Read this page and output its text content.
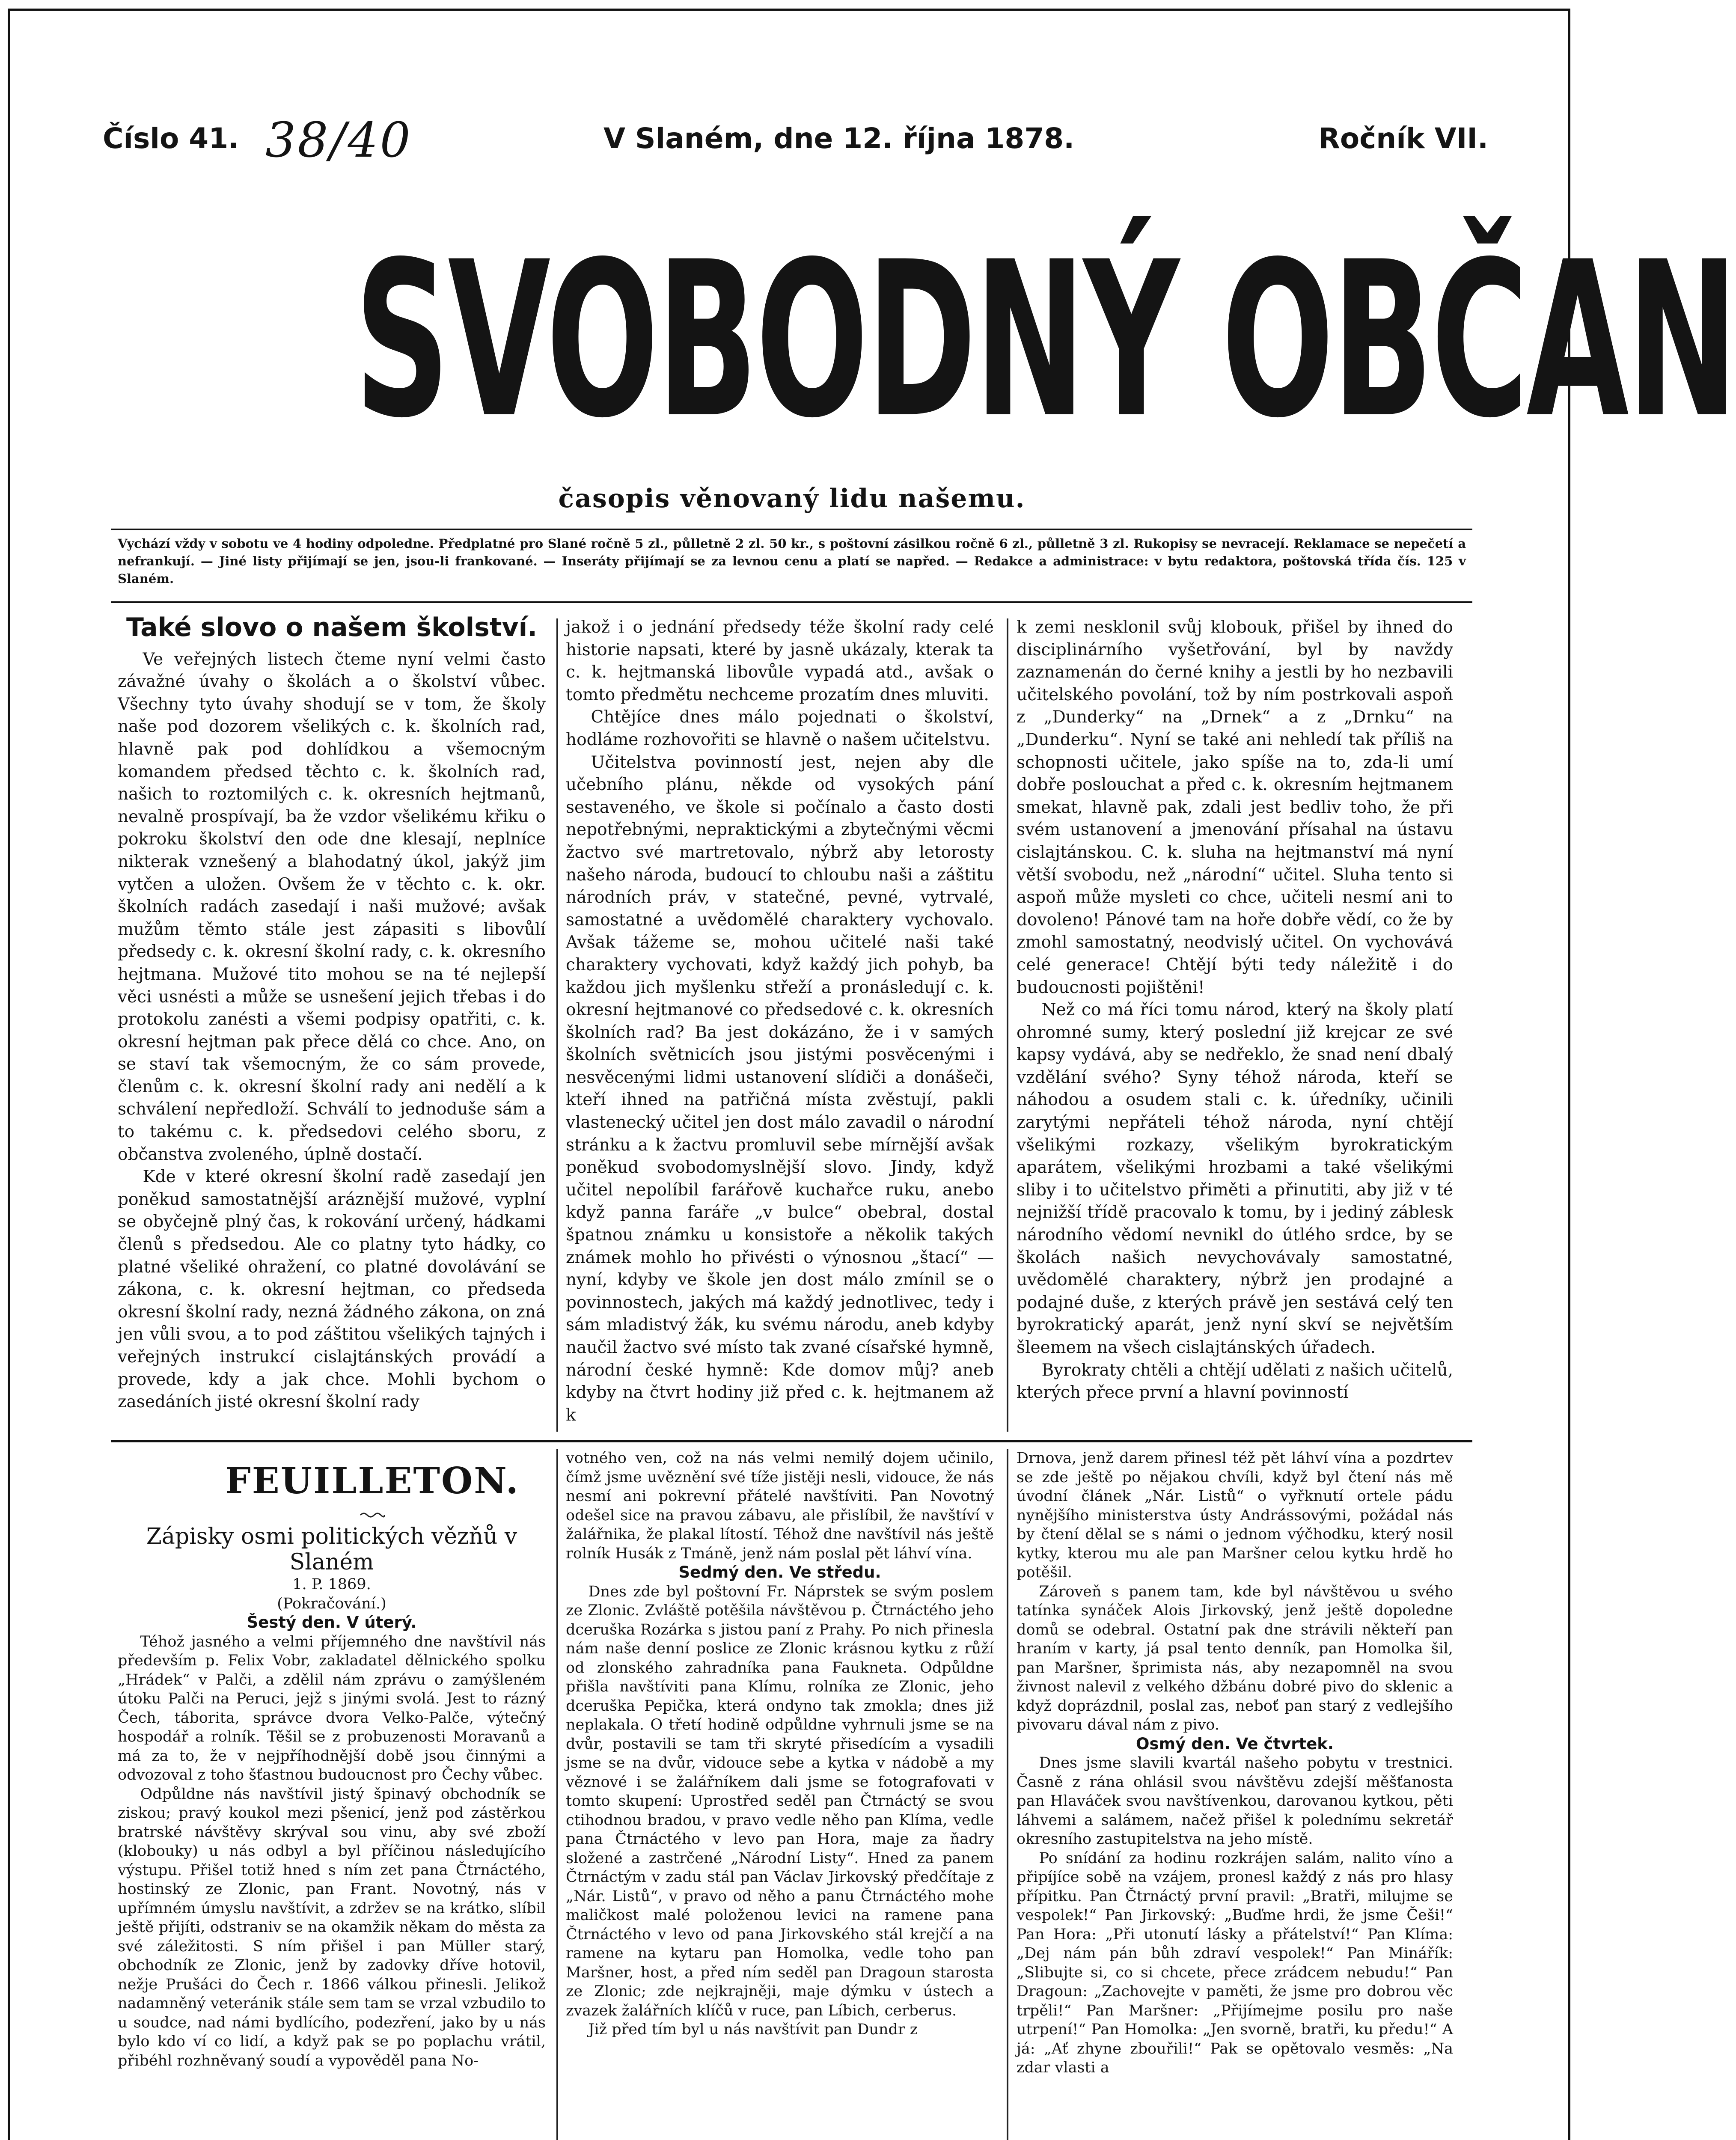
Číslo 41. 38/40	V Slaném, dne 12. října 1878.	Ročník VII.
SVOBODNÝ OBČAN
časopis věnovaný lidu našemu.
Vychází vždy v sobotu ve 4 hodiny odpoledne. Předplatné pro Slané ročně 5 zl., půlletně 2 zl. 50 kr., s poštovní zásilkou ročně 6 zl., půlletně 3 zl. Rukopisy se nevracejí. Reklamace se nepečetí a nefrankují. — Jiné listy přijímají se jen, jsou-li frankované. — Inseráty přijímají se za levnou cenu a platí se napřed. — Redakce a administrace: v bytu redaktora, poštovská třída čís. 125 v Slaném.
Také slovo o našem školství.

Ve veřejných listech čteme nyní velmi často závažné úvahy o školách a o školství vůbec. Všechny tyto úvahy shodují se v tom, že školy naše pod dozorem všelikých c. k. školních rad, hlavně pak pod dohlídkou a všemocným komandem předsed těchto c. k. školních rad, našich to roztomilých c. k. okresních hejtmanů, nevalně prospívají, ba že vzdor všelikému křiku o pokroku školství den ode dne klesají, neplníce nikterak vznešený a blahodatný úkol, jakýž jim vytčen a uložen. Ovšem že v těchto c. k. okr. školních radách zasedají i naši mužové; avšak mužům těmto stále jest zápasiti s libovůlí předsedy c. k. okresní školní rady, c. k. okresního hejtmana. Mužové tito mohou se na té nejlepší věci usnésti a může se usnešení jejich třebas i do protokolu zanésti a všemi podpisy opatřiti, c. k. okresní hejtman pak přece dělá co chce. Ano, on se staví tak všemocným, že co sám provede, členům c. k. okresní školní rady ani nedělí a k schválení nepředloží. Schválí to jednoduše sám a to takému c. k. předsedovi celého sboru, z občanstva zvoleného, úplně dostačí.

Kde v které okresní školní radě zasedají jen poněkud samostatnější aráznější mužové, vyplní se obyčejně plný čas, k rokování určený, hádkami členů s předsedou. Ale co platny tyto hádky, co platné všeliké ohražení, co platné dovolávání se zákona, c. k. okresní hejtman, co předseda okresní školní rady, nezná žádného zákona, on zná jen vůli svou, a to pod záštitou všelikých tajných i veřejných instrukcí cislajtánských provádí a provede, kdy a jak chce. Mohli bychom o zasedáních jisté okresní školní rady

jakož i o jednání předsedy téže školní rady celé historie napsati, které by jasně ukázaly, kterak ta c. k. hejtmanská libovůle vypadá atd., avšak o tomto předmětu nechceme prozatím dnes mluviti.

Chtějíce dnes málo pojednati o školství, hodláme rozhovořiti se hlavně o našem učitelstvu.

Učitelstva povinností jest, nejen aby dle učebního plánu, někde od vysokých pání sestaveného, ve škole si počínalo a často dosti nepotřebnými, nepraktickými a zbytečnými věcmi žactvo své martretovalo, nýbrž aby letorosty našeho národa, budoucí to chloubu naši a záštitu národních práv, v statečné, pevné, vytrvalé, samostatné a uvědomělé charaktery vychovalo. Avšak tážeme se, mohou učitelé naši také charaktery vychovati, když každý jich pohyb, ba každou jich myšlenku střeží a pronásledují c. k. okresní hejtmanové co předsedové c. k. okresních školních rad? Ba jest dokázáno, že i v samých školních světnicích jsou jistými posvěcenými i nesvěcenými lidmi ustanovení slídiči a donášeči, kteří ihned na patřičná místa zvěstují, pakli vlastenecký učitel jen dost málo zavadil o národní stránku a k žactvu promluvil sebe mírnější avšak poněkud svobodomyslnější slovo. Jindy, když učitel nepolíbil farářově kuchařce ruku, anebo když panna faráře „v bulce“ obebral, dostal špatnou známku u konsistoře a několik takých známek mohlo ho přivésti o výnosnou „štací“ — nyní, kdyby ve škole jen dost málo zmínil se o povinnostech, jakých má každý jednotlivec, tedy i sám mladistvý žák, ku svému národu, aneb kdyby naučil žactvo své místo tak zvané císařské hymně, národní české hymně: Kde domov můj? aneb kdyby na čtvrt hodiny již před c. k. hejtmanem až k

k zemi nesklonil svůj klobouk, přišel by ihned do disciplinárního vyšetřování, byl by navždy zaznamenán do černé knihy a jestli by ho nezbavili učitelského povolání, tož by ním postrkovali aspoň z „Dunderky“ na „Drnek“ a z „Drnku“ na „Dunderku“. Nyní se také ani nehledí tak příliš na schopnosti učitele, jako spíše na to, zda-li umí dobře poslouchat a před c. k. okresním hejtmanem smekat, hlavně pak, zdali jest bedliv toho, že při svém ustanovení a jmenování přísahal na ústavu cislajtánskou. C. k. sluha na hejtmanství má nyní větší svobodu, než „národní“ učitel. Sluha tento si aspoň může mysleti co chce, učiteli nesmí ani to dovoleno! Pánové tam na hoře dobře vědí, co že by zmohl samostatný, neodvislý učitel. On vychovává celé generace! Chtějí býti tedy náležitě i do budoucnosti pojištěni!

Než co má říci tomu národ, který na školy platí ohromné sumy, který poslední již krejcar ze své kapsy vydává, aby se nedřeklo, že snad není dbalý vzdělání svého? Syny téhož národa, kteří se náhodou a osudem stali c. k. úředníky, učinili zarytými nepřáteli téhož národa, nyní chtějí všelikými rozkazy, všelikým byrokratickým aparátem, všelikými hrozbami a také všelikými sliby i to učitelstvo přiměti a přinutiti, aby již v té nejnižší třídě pracovalo k tomu, by i jediný záblesk národního vědomí nevnikl do útlého srdce, by se školách našich nevychovávaly samostatné, uvědomělé charaktery, nýbrž jen prodajné a podajné duše, z kterých právě jen sestává celý ten byrokratický aparát, jenž nyní skví se největším šleemem na všech cislajtánských úřadech.

Byrokraty chtěli a chtějí udělati z našich učitelů, kterých přece první a hlavní povinností

FEUILLETON.

Zápisky osmi politických vězňů v Slaném

1. P. 1869.

(Pokračování.)

Šestý den. V úterý.

Téhož jasného a velmi příjemného dne navštívil nás především p. Felix Vobr, zakladatel dělnického spolku „Hrádek“ v Palči, a zdělil nám zprávu o zamýšleném útoku Palči na Peruci, jejž s jinými svolá. Jest to rázný Čech, táborita, správce dvora Velko-Palče, výtečný hospodář a rolník. Těšil se z probuzenosti Moravanů a má za to, že v nejpříhodnější době jsou činnými a odvozoval z toho šťastnou budoucnost pro Čechy vůbec.

Odpůldne nás navštívil jistý špinavý obchodník se ziskou; pravý koukol mezi pšenicí, jenž pod zástěrkou bratrské návštěvy skrýval sou vinu, aby své zboží (klobouky) u nás odbyl a byl příčinou následujícího výstupu. Přišel totiž hned s ním zet pana Čtrnáctého, hostinský ze Zlonic, pan Frant. Novotný, nás v upřímném úmyslu navštívit, a zdržev se na krátko, slíbil ještě přijíti, odstraniv se na okamžik někam do města za své záležitosti. S ním přišel i pan Müller starý, obchodník ze Zlonic, jenž by zadovky dříve hotovil, nežje Prušáci do Čech r. 1866 válkou přinesli. Jelikož nadamněný veteránik stále sem tam se vrzal vzbudilo to u soudce, nad námi bydlícího, podezření, jako by u nás bylo kdo ví co lidí, a když pak se po poplachu vrátil, přibéhl rozhněvaný soudí a vypověděl pana No-

votného ven, což na nás velmi nemilý dojem učinilo, čímž jsme uvěznění své tíže jistěji nesli, vidouce, že nás nesmí ani pokrevní přátelé navštíviti. Pan Novotný odešel sice na pravou zábavu, ale přislíbil, že navštíví v žalářnika, že plakal lítostí. Téhož dne navštívil nás ještě rolník Husák z Tmáně, jenž nám poslal pět láhví vína.

Sedmý den. Ve středu.

Dnes zde byl poštovní Fr. Náprstek se svým poslem ze Zlonic. Zvláště potěšila návštěvou p. Čtrnáctého jeho dceruška Rozárka s jistou paní z Prahy. Po nich přinesla nám naše denní poslice ze Zlonic krásnou kytku z růží od zlonského zahradníka pana Faukneta. Odpůldne přišla navštíviti pana Klímu, rolníka ze Zlonic, jeho dceruška Pepička, která ondyno tak zmokla; dnes již neplakala. O třetí hodině odpůldne vyhrnuli jsme se na dvůr, postavili se tam tři skryté přisedícím a vysadili jsme se na dvůr, vidouce sebe a kytka v nádobě a my věznové i se žalářníkem dali jsme se fotografovati v tomto skupení: Uprostřed seděl pan Čtrnáctý se svou ctihodnou bradou, v pravo vedle něho pan Klíma, vedle pana Čtrnáctého v levo pan Hora, maje za ňadry složené a zastrčené „Národní Listy“. Hned za panem Čtrnáctým v zadu stál pan Václav Jirkovský předčítaje z „Nár. Listů“, v pravo od něho a panu Čtrnáctého mohe maličkost malé položenou levici na ramene pana Čtrnáctého v levo od pana Jirkovského stál krejčí a na ramene na kytaru pan Homolka, vedle toho pan Maršner, host, a před ním seděl pan Dragoun starosta ze Zlonic; zde nejkrajněji, maje dýmku v ústech a zvazek žalářních klíčů v ruce, pan Líbich, cerberus.

Již před tím byl u nás navštívit pan Dundr z

Drnova, jenž darem přinesl též pět láhví vína a pozdrtev se zde ještě po nějakou chvíli, když byl čtení nás mě úvodní článek „Nár. Listů“ o vyřknutí ortele pádu nynějšího ministerstva ústy Andrássovými, požádal nás by čtení dělal se s námi o jednom výčhodku, který nosil kytky, kterou mu ale pan Maršner celou kytku hrdě ho potěšil.

Zároveň s panem tam, kde byl návštěvou u svého tatínka synáček Alois Jirkovský, jenž ještě dopoledne domů se odebral. Ostatní pak dne strávili někteří pan hraním v karty, já psal tento denník, pan Homolka šil, pan Maršner, šprimista nás, aby nezapomněl na svou živnost nalevil z velkého džbánu dobré pivo do sklenic a když doprázdnil, poslal zas, neboť pan starý z vedlejšího pivovaru dával nám z pivo.

Osmý den. Ve čtvrtek.

Dnes jsme slavili kvartál našeho pobytu v trestnici. Časně z rána ohlásil svou návštěvu zdejší měšťanosta pan Hlaváček svou navštívenkou, darovanou kytkou, pěti láhvemi a salámem, načež přišel k polednímu sekretář okresního zastupitelstva na jeho místě.

Po snídání za hodinu rozkrájen salám, nalito víno a připíjíce sobě na vzájem, pronesl každý z nás pro hlasy přípitku. Pan Čtrnáctý první pravil: „Bratři, milujme se vespolek!“ Pan Jirkovský: „Buďme hrdi, že jsme Češi!“ Pan Hora: „Při utonutí lásky a přátelství!“ Pan Klíma: „Dej nám pán bůh zdraví vespolek!“ Pan Minářík: „Slibujte si, co si chcete, přece zrádcem nebudu!“ Pan Dragoun: „Zachovejte v paměti, že jsme pro dobrou věc trpěli!“ Pan Maršner: „Přijímejme posilu pro naše utrpení!“ Pan Homolka: „Jen svorně, bratři, ku předu!“ A já: „Ať zhyne zbouřili!“ Pak se opětovalo vesměs: „Na zdar vlasti a
